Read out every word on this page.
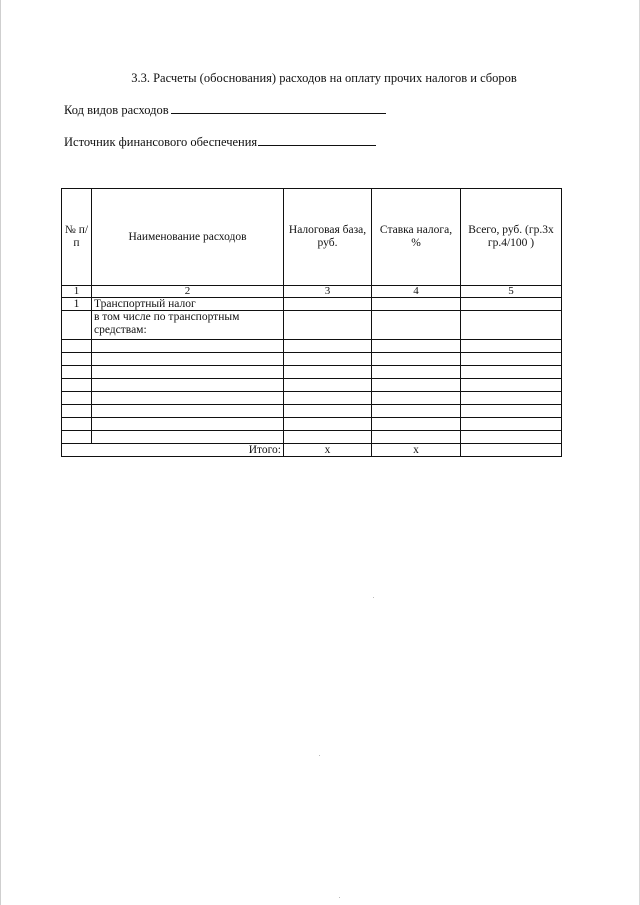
3.3. Расчеты (обоснования) расходов на оплату прочих налогов и сборов
Код видов расходов
Источник финансового обеспечения
№ п/п	Наименование расходов	Налоговая база, руб.	Ставка налога, %	Всего, руб. (гр.3х гр.4/100 )
1	2	3	4	5
1	Транспортный налог			
	в том числе по транспортным средствам:			

Итого:		х	х	
